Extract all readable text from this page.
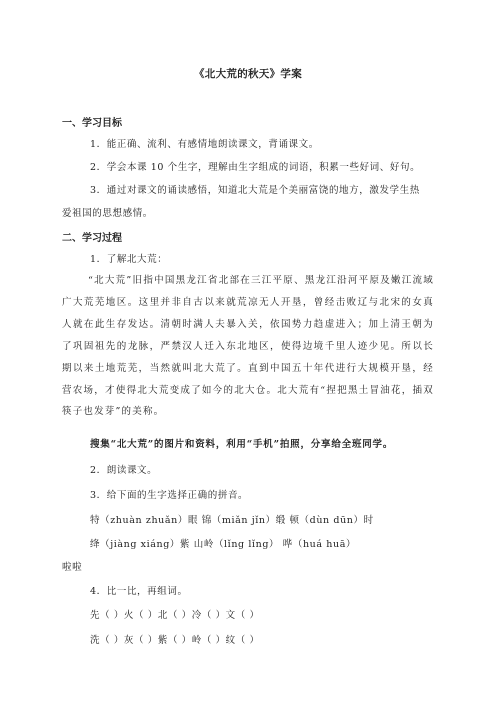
《北大荒的秋天》学案
一、学习目标
1．能正确、流利、有感情地朗读课文，背诵课文。
2．学会本课 10 个生字，理解由生字组成的词语，积累一些好词、好句。
3．通过对课文的诵读感悟，知道北大荒是个美丽富饶的地方，激发学生热
爱祖国的思想感情。
二、学习过程
1．了解北大荒：
“北大荒”旧指中国黑龙江省北部在三江平原、黑龙江沿河平原及嫩江流域广大荒芜地区。这里并非自古以来就荒凉无人开垦，曾经击败辽与北宋的女真人就在此生存发达。清朝时满人夫暴入关，依国势力趋虚进入；加上清王朝为了巩固祖先的龙脉，严禁汉人迁入东北地区，使得边境千里人迹少见。所以长期以来土地荒芜，当然就叫北大荒了。直到中国五十年代进行大规模开垦，经营农场，才使得北大荒变成了如今的北大仓。北大荒有“捏把黑土冒油花，插双筷子也发芽”的美称。
搜集“北大荒”的图片和资料，利用“手机”拍照，分享给全班同学。
2．朗读课文。
3．给下面的生字选择正确的拼音。
特（zhuàn zhuǎn）眼 锦（miǎn jǐn）缎 顿（dùn dūn）时
绛（jiàng xiáng）紫 山岭（lǐng lǐng） 哗（huá huā）
啦啦
4．比一比，再组词。
先（ ）火（ ）北（ ）冷（ ）文（ ）
洗（ ）灰（ ）紫（ ）岭（ ）纹（ ）
